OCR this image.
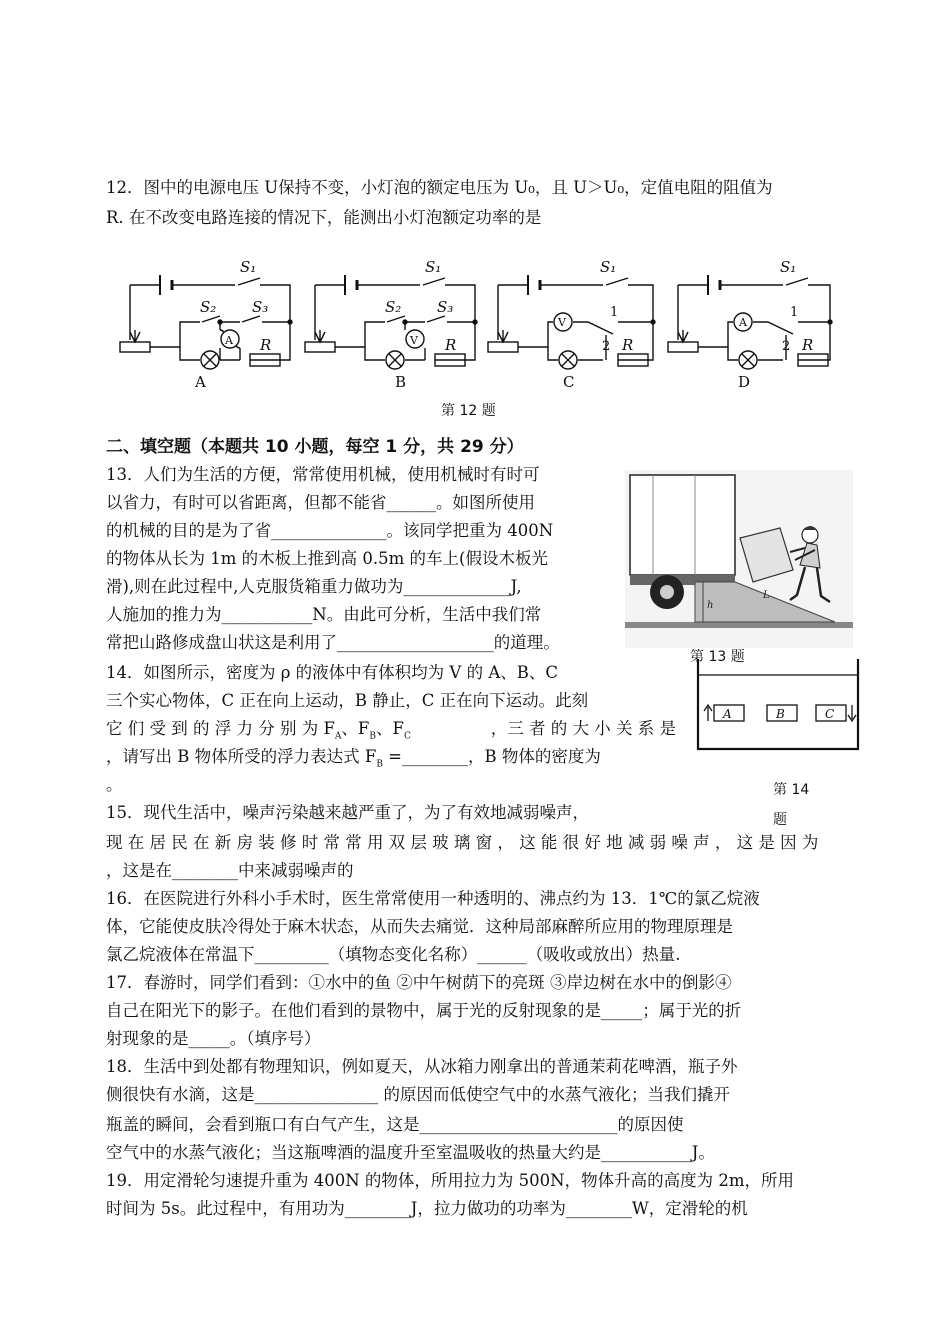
12．图中的电源电压 U保持不变，小灯泡的额定电压为 U₀，且 U＞U₀，定值电阻的阻值为
R. 在不改变电路连接的情况下，能测出小灯泡额定功率的是
S₁
S₂ S₃
A R
A
S₁
S₂ S₃
V R
B
S₁
V
1
2 R
C
S₁
A
1
2 R
D
第 12 题
二、填空题（本题共 10 小题，每空 1 分，共 29 分）
13．人们为生活的方便，常常使用机械，使用机械时有时可
以省力，有时可以省距离，但都不能省______。如图所使用
的机械的目的是为了省______________。该同学把重为 400N
的物体从长为 1m 的木板上推到高 0.5m 的车上(假设木板光
滑),则在此过程中,人克服货箱重力做功为_____________J,
人施加的推力为___________N。由此可分析，生活中我们常
常把山路修成盘山状这是利用了___________________的道理。
h
L
第 13 题
14．如图所示，密度为 ρ 的液体中有体积均为 V 的 A、B、C
三个实心物体，C 正在向上运动，B 静止，C 正在向下运动。此刻
它 们 受 到 的 浮 力 分 别 为 $F_A$、$F_B$、$F_C$	，三 者 的 大 小 关 系 是
，请写出 B 物体所受的浮力表达式 $F_B$ =________，B 物体的密度为
。
A	B	C
第 14
题
15．现代生活中，噪声污染越来越严重了，为了有效地减弱噪声，
现 在 居 民 在 新 房 装 修 时 常 常 用 双 层 玻 璃 窗 ， 这 能 很 好 地 减 弱 噪 声 ， 这 是 因 为
，这是在________中来减弱噪声的
16．在医院进行外科小手术时，医生常常使用一种透明的、沸点约为 13．1℃的氯乙烷液
体，它能使皮肤冷得处于麻木状态，从而失去痛觉．这种局部麻醉所应用的物理原理是
氯乙烷液体在常温下_________（填物态变化名称）______（吸收或放出）热量.
17．春游时，同学们看到：①水中的鱼 ②中午树荫下的亮斑 ③岸边树在水中的倒影④
自己在阳光下的影子。在他们看到的景物中，属于光的反射现象的是_____；属于光的折
射现象的是_____。（填序号）
18．生活中到处都有物理知识，例如夏天，从冰箱力刚拿出的普通茉莉花啤酒，瓶子外
侧很快有水滴，这是_______________ 的原因而低使空气中的水蒸气液化；当我们撬开
瓶盖的瞬间，会看到瓶口有白气产生，这是________________________的原因使
空气中的水蒸气液化；当这瓶啤酒的温度升至室温吸收的热量大约是___________J。
19．用定滑轮匀速提升重为 400N 的物体，所用拉力为 500N，物体升高的高度为 2m，所用
时间为 5s。此过程中，有用功为________J，拉力做功的功率为________W，定滑轮的机
